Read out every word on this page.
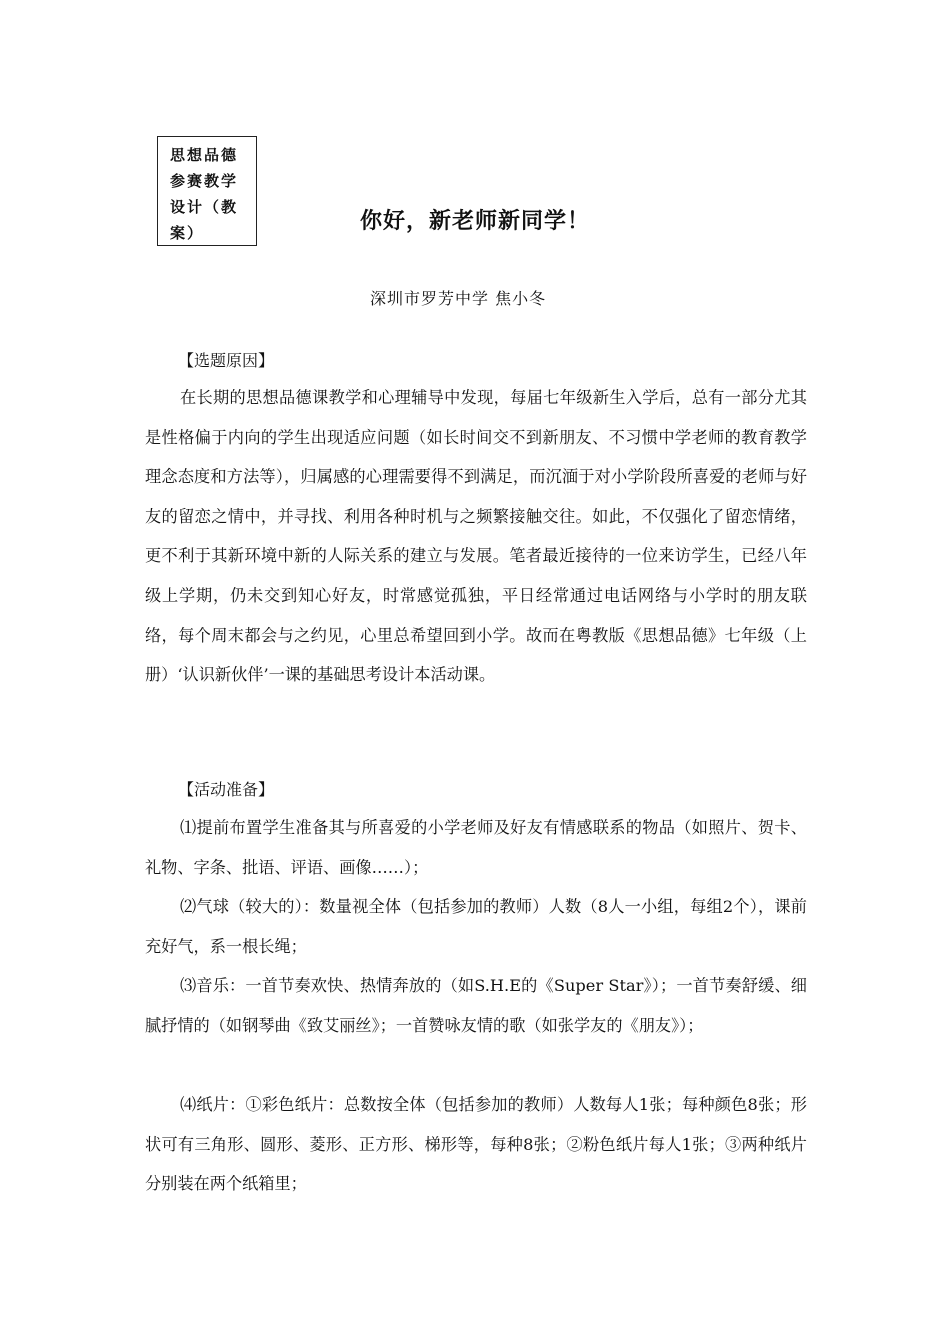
思想品德参赛教学设计（教案）	你好，新老师新同学！
深圳市罗芳中学 焦小冬
【选题原因】

在长期的思想品德课教学和心理辅导中发现，每届七年级新生入学后，总有一部分尤其是性格偏于内向的学生出现适应问题（如长时间交不到新朋友、不习惯中学老师的教育教学理念态度和方法等），归属感的心理需要得不到满足，而沉湎于对小学阶段所喜爱的老师与好友的留恋之情中，并寻找、利用各种时机与之频繁接触交往。如此，不仅强化了留恋情绪，更不利于其新环境中新的人际关系的建立与发展。笔者最近接待的一位来访学生，已经八年级上学期，仍未交到知心好友，时常感觉孤独，平日经常通过电话网络与小学时的朋友联络，每个周末都会与之约见，心里总希望回到小学。故而在粤教版《思想品德》七年级（上册）‘认识新伙伴’一课的基础思考设计本活动课。

【活动准备】

⑴提前布置学生准备其与所喜爱的小学老师及好友有情感联系的物品（如照片、贺卡、礼物、字条、批语、评语、画像……）；

⑵气球（较大的）：数量视全体（包括参加的教师）人数（8人一小组，每组2个），课前充好气，系一根长绳；

⑶音乐：一首节奏欢快、热情奔放的（如S.H.E的《Super Star》）；一首节奏舒缓、细腻抒情的（如钢琴曲《致艾丽丝》；一首赞咏友情的歌（如张学友的《朋友》）；

⑷纸片：①彩色纸片：总数按全体（包括参加的教师）人数每人1张；每种颜色8张；形状可有三角形、圆形、菱形、正方形、梯形等，每种8张；②粉色纸片每人1张；③两种纸片分别装在两个纸箱里；
